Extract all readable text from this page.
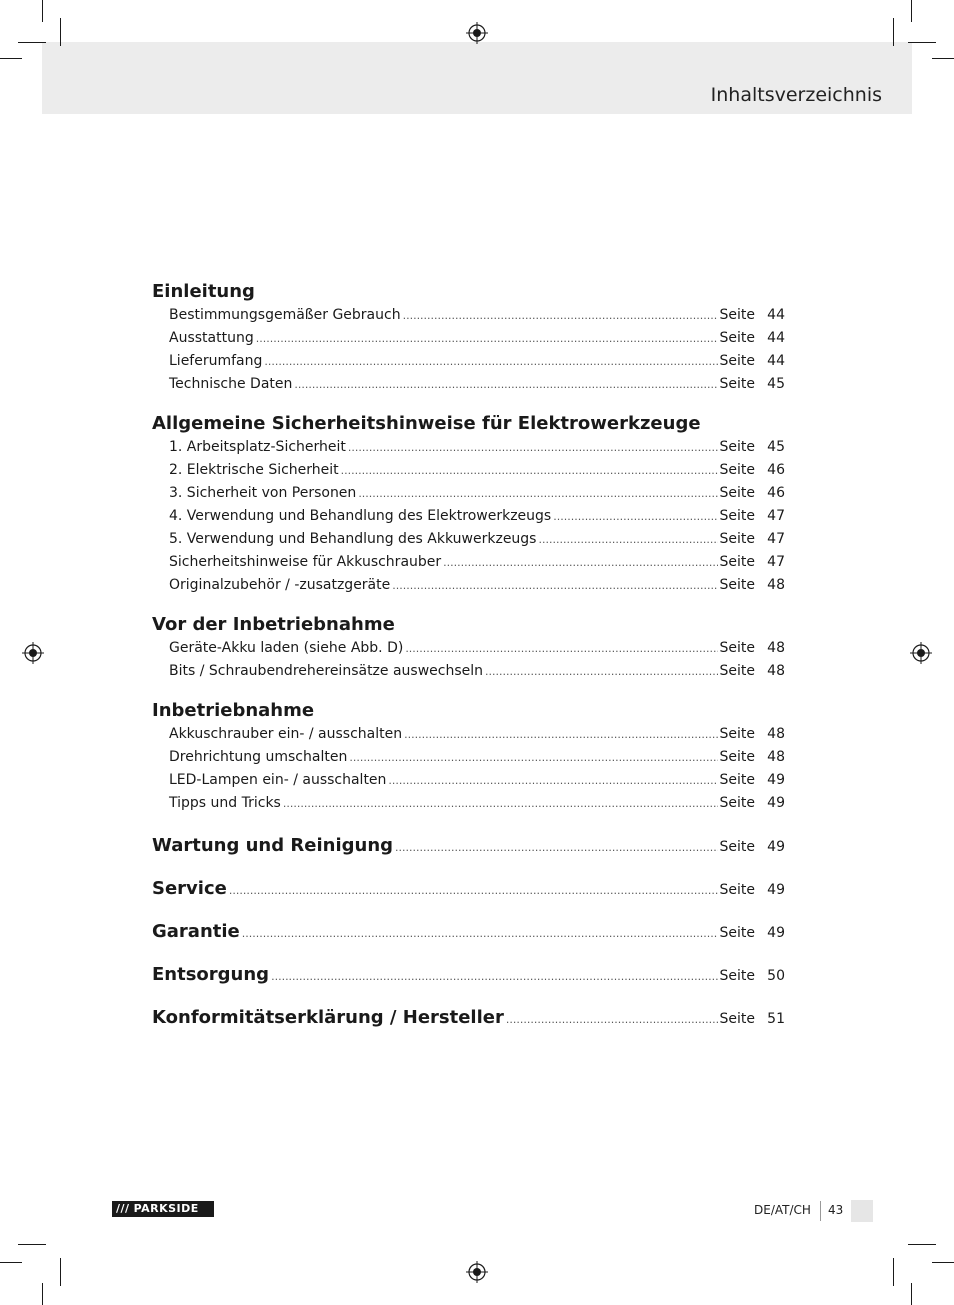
Inhaltsverzeichnis
Einleitung
Bestimmungsgemäßer Gebrauch .....	Seite 44
Ausstattung .....	Seite 44
Lieferumfang .....	Seite 44
Technische Daten .....	Seite 45
Allgemeine Sicherheitshinweise für Elektrowerkzeuge
1. Arbeitsplatz-Sicherheit .....	Seite 45
2. Elektrische Sicherheit .....	Seite 46
3. Sicherheit von Personen .....	Seite 46
4. Verwendung und Behandlung des Elektrowerkzeugs .....	Seite 47
5. Verwendung und Behandlung des Akkuwerkzeugs .....	Seite 47
Sicherheitshinweise für Akkuschrauber .....	Seite 47
Originalzubehör / -zusatzgeräte .....	Seite 48
Vor der Inbetriebnahme
Geräte-Akku laden (siehe Abb. D) .....	Seite 48
Bits / Schraubendrehereinsätze auswechseln .....	Seite 48
Inbetriebnahme
Akkuschrauber ein- / ausschalten .....	Seite 48
Drehrichtung umschalten .....	Seite 48
LED-Lampen ein- / ausschalten .....	Seite 49
Tipps und Tricks .....	Seite 49
Wartung und Reinigung .....	Seite 49
Service .....	Seite 49
Garantie .....	Seite 49
Entsorgung .....	Seite 50
Konformitätserklärung / Hersteller .....	Seite 51
/// PARKSIDE	DE/AT/CH 43
